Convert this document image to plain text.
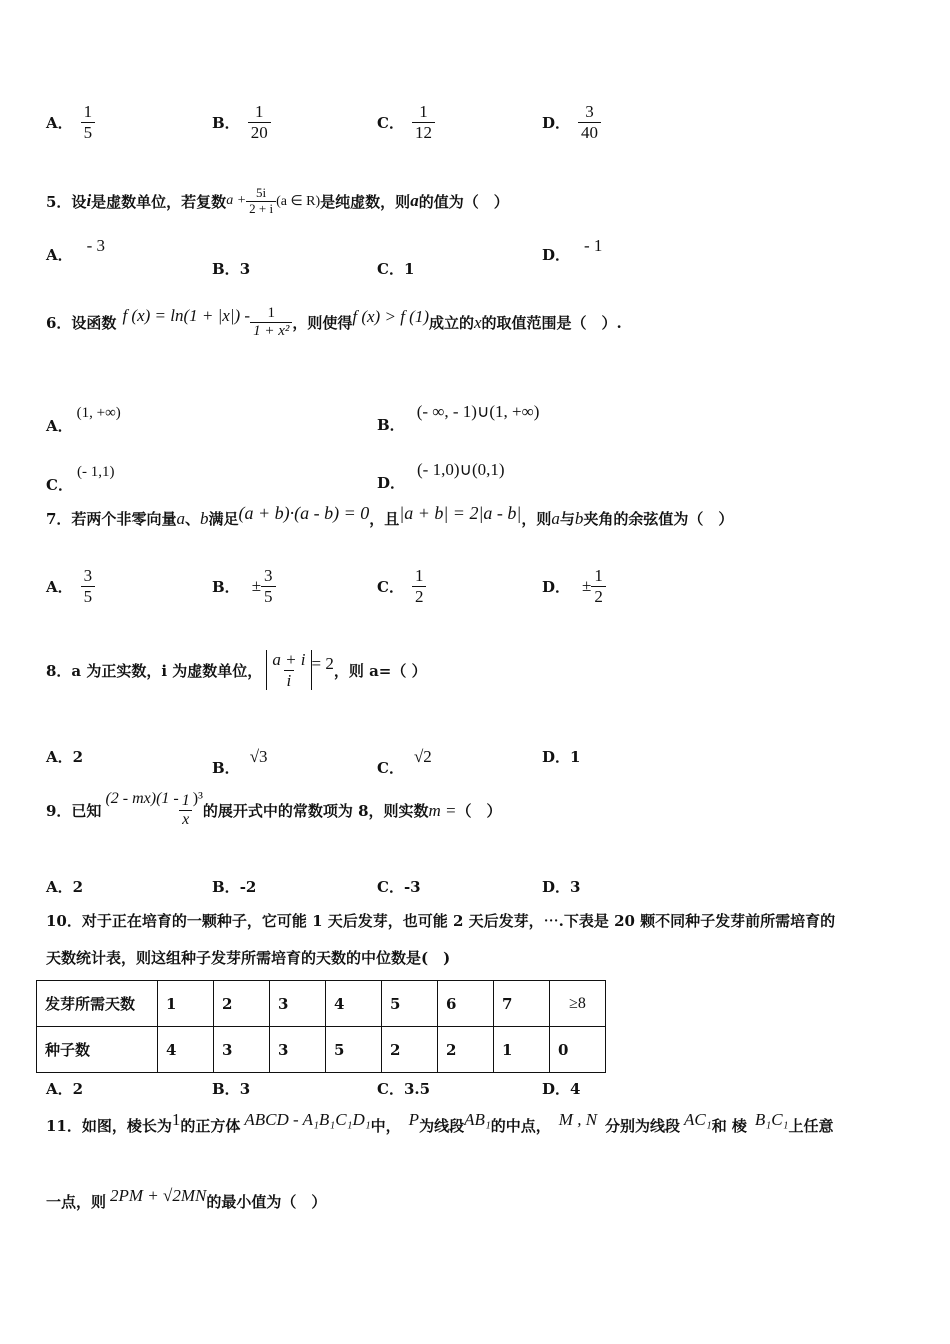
A． $\frac{1}{5}$	B． $\frac{1}{20}$	C． $\frac{1}{12}$	D． $\frac{3}{40}$
5．设 i 是虚数单位，若复数 $a + \frac{5i}{2 + i} (a$ ∈ R) 是纯虚数，则 a 的值为（　）
A．
- 3
B． 3	C． 1
D．
- 1
6．设函数 f $(x) = \ln(1 + |x|) - \frac{1}{\text{1 + x²}}$ ，则使得 f (x) > f (1) 成立的 x 的取值范围是（　）.
A．
(1, +∞)
B．
(- ∞, - 1)∪(1, +∞)
C．
(- 1,1)
D．
(- 1,0)∪(0,1)
7．若两个非零向量 a 、 b 满足 (a + b)·(a - b) = 0 ，且 |a + b| = 2|a - b| ，则 a 与 b 夹角的余弦值为（　）
A． $\frac{3}{5}$	B． ± $\frac{3}{5}$	C． $\frac{1}{2}$	D． ± $\frac{1}{2}$
8．a 为正实数，i 为虚数单位， $\frac{a + i}{i} = 2$ ，则 a=（ ）
A． 2
B．
√3
C．
√2	D． 1
9．已知
$(2 - mx)(1 - \frac{1}{x} )^3$
的展开式中的常数项为 8，则实数 m = （　）
A． 2	B． -2	C． -3	D． 3
10．对于正在培育的一颗种子，它可能 1 天后发芽，也可能 2 天后发芽，⋯.下表是 20 颗不同种子发芽前所需培育的
天数统计表，则这组种子发芽所需培育的天数的中位数是(　)
发芽所需天数	1	2	3	4	5	6	7	≥8
种子数	4	3	3	5	2	2	1	0
A． 2	B． 3	C． 3.5	D． 4
11．如图，棱长为 1 的正方体 ABCD - A₁B₁C₁D₁ 中， P 为线段 AB₁ 的中点， M , N 分别为线段 AC₁ 和 棱 B₁C₁ 上任意
一点，则 2PM + √2MN 的最小值为（　）
